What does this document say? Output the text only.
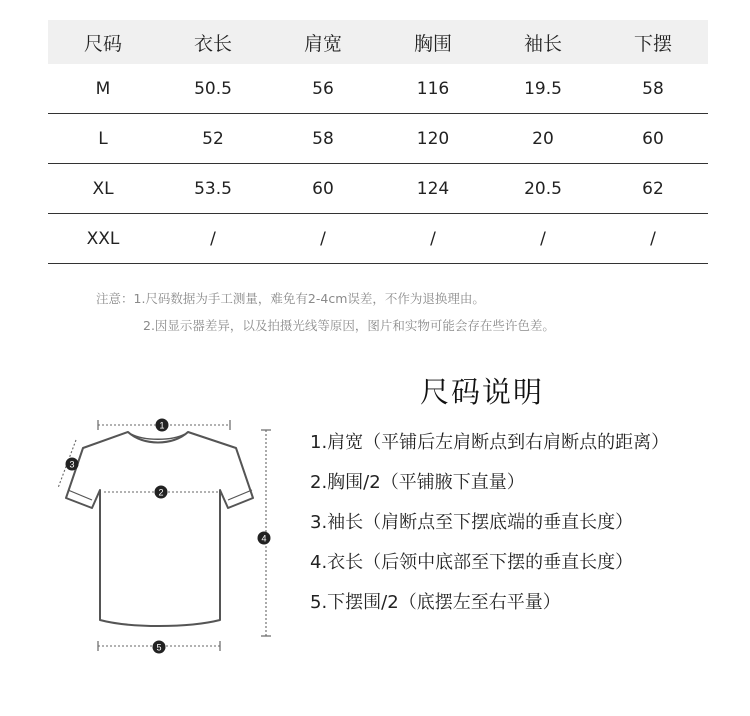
尺码	衣长	肩宽	胸围	袖长	下摆
M	50.5	56	116	19.5	58
L	52	58	120	20	60
XL	53.5	60	124	20.5	62
XXL	/	/	/	/	/
注意：1.尺码数据为手工测量，难免有2-4cm误差，不作为退换理由。
2.因显示器差异，以及拍摄光线等原因，图片和实物可能会存在些许色差。
尺码说明
1
2
3
4
5
1.肩宽（平铺后左肩断点到右肩断点的距离）
2.胸围/2（平铺腋下直量）
3.袖长（肩断点至下摆底端的垂直长度）
4.衣长（后领中底部至下摆的垂直长度）
5.下摆围/2（底摆左至右平量）
